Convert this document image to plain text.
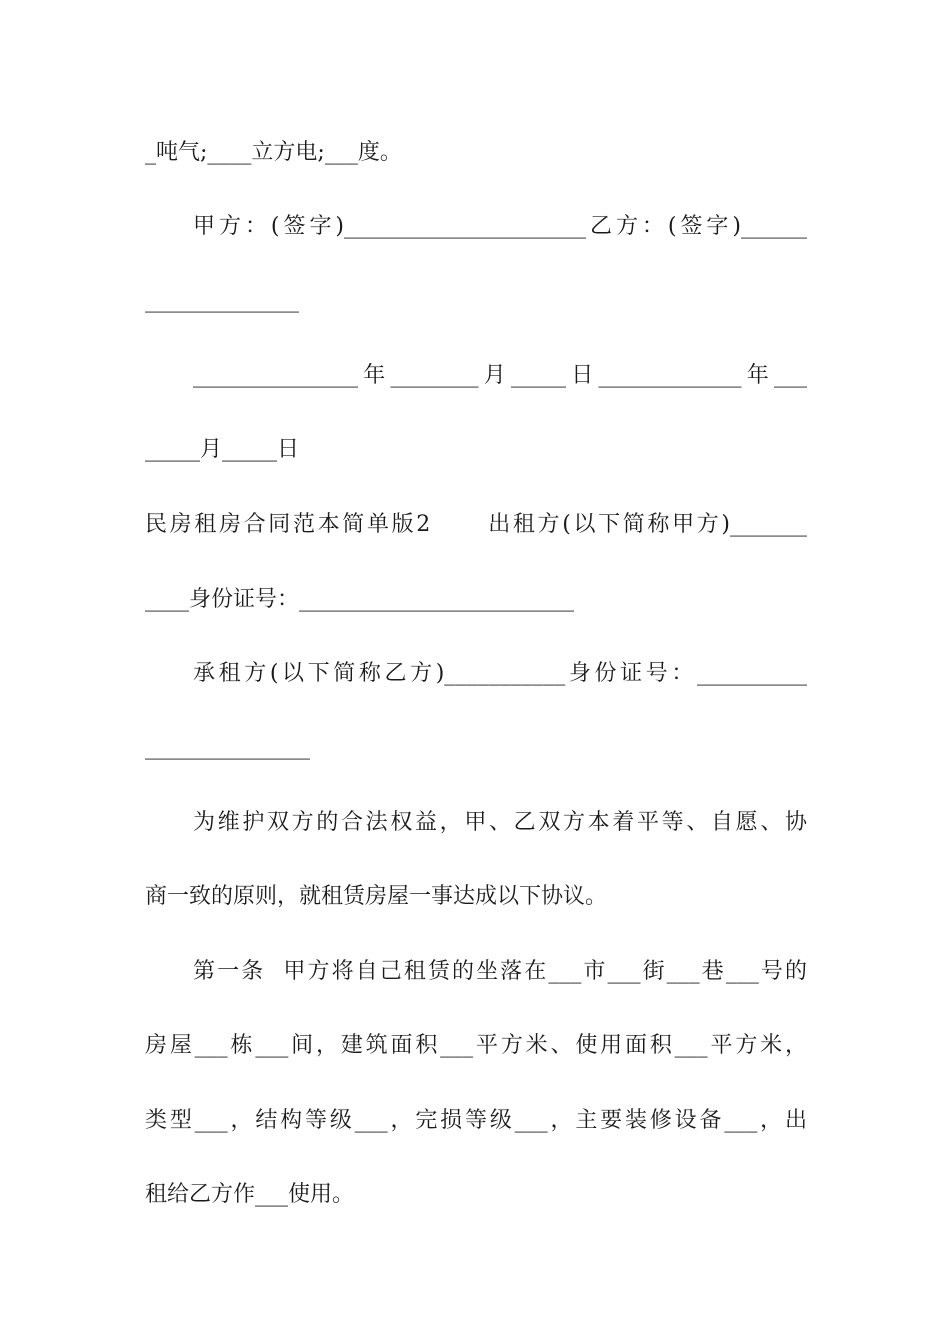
_吨气;____立方电;___度。
甲方：(签字)______________________乙方：(签字)______
______________
_______________年________月_____日_____________年___
_____月_____日
民房租房合同范本简单版2      出租方(以下简称甲方)_______
____身份证号：_________________________
承租方(以下简称乙方)___________身份证号：__________
_______________
为维护双方的合法权益，甲、乙双方本着平等、自愿、协
商一致的原则，就租赁房屋一事达成以下协议。
第一条  甲方将自己租赁的坐落在___市___街___巷___号的
房屋___栋___间，建筑面积___平方米、使用面积___平方米，
类型___，结构等级___，完损等级___，主要装修设备___，出
租给乙方作___使用。
